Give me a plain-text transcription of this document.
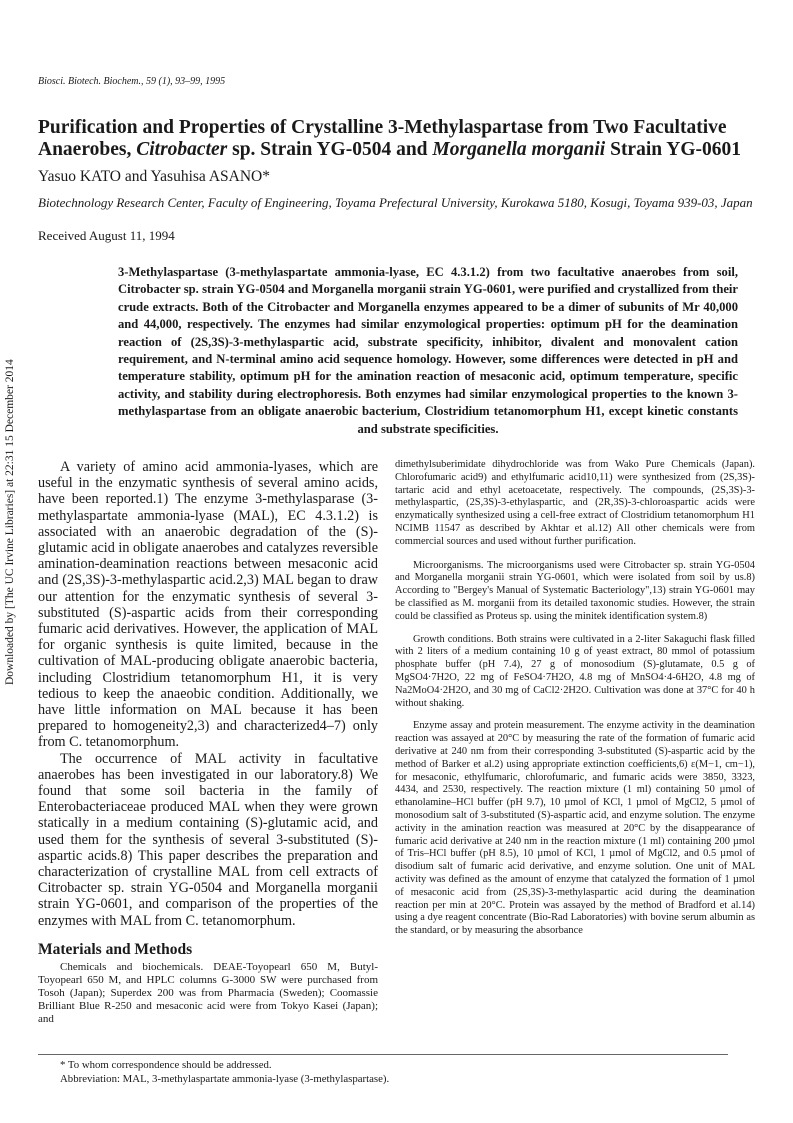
Biosci. Biotech. Biochem., 59 (1), 93–99, 1995
Purification and Properties of Crystalline 3-Methylaspartase from Two Facultative Anaerobes, Citrobacter sp. Strain YG-0504 and Morganella morganii Strain YG-0601
Yasuo KATO and Yasuhisa ASANO*
Biotechnology Research Center, Faculty of Engineering, Toyama Prefectural University, Kurokawa 5180, Kosugi, Toyama 939-03, Japan
Received August 11, 1994
3-Methylaspartase (3-methylaspartate ammonia-lyase, EC 4.3.1.2) from two facultative anaerobes from soil, Citrobacter sp. strain YG-0504 and Morganella morganii strain YG-0601, were purified and crystallized from their crude extracts. Both of the Citrobacter and Morganella enzymes appeared to be a dimer of subunits of Mr 40,000 and 44,000, respectively. The enzymes had similar enzymological properties: optimum pH for the deamination reaction of (2S,3S)-3-methylaspartic acid, substrate specificity, inhibitor, divalent and monovalent cation requirement, and N-terminal amino acid sequence homology. However, some differences were detected in pH and temperature stability, optimum pH for the amination reaction of mesaconic acid, optimum temperature, specific activity, and stability during electrophoresis. Both enzymes had similar enzymological properties to the known 3-methylaspartase from an obligate anaerobic bacterium, Clostridium tetanomorphum H1, except kinetic constants and substrate specificities.
Downloaded by [The UC Irvine Libraries] at 22:31 15 December 2014	A variety of amino acid ammonia-lyases, which are useful in the enzymatic synthesis of several amino acids, have been reported.1) The enzyme 3-methylasparase (3-methylaspartate ammonia-lyase (MAL), EC 4.3.1.2) is associated with an anaerobic degradation of the (S)-glutamic acid in obligate anaerobes and catalyzes reversible amination-deamination reactions between mesaconic acid and (2S,3S)-3-methylaspartic acid.2,3) MAL began to draw our attention for the enzymatic synthesis of several 3-substituted (S)-aspartic acids from their corresponding fumaric acid derivatives. However, the application of MAL for organic synthesis is quite limited, because in the cultivation of MAL-producing obligate anaerobic bacteria, including Clostridium tetanomorphum H1, it is very tedious to keep the anaeobic condition. Additionally, we have little information on MAL because it has been prepared to homogeneity2,3) and characterized4–7) only from C. tetanomorphum.

The occurrence of MAL activity in facultative anaerobes has been investigated in our laboratory.8) We found that some soil bacteria in the family of Enterobacteriaceae produced MAL when they were grown statically in a medium containing (S)-glutamic acid, and used them for the synthesis of several 3-substituted (S)-aspartic acids.8) This paper describes the preparation and characterization of crystalline MAL from cell extracts of Citrobacter sp. strain YG-0504 and Morganella morganii strain YG-0601, and comparison of the properties of the enzymes with MAL from C. tetanomorphum.

Materials and Methods

Chemicals and biochemicals. DEAE-Toyopearl 650 M, Butyl-Toyopearl 650 M, and HPLC columns G-3000 SW were purchased from Tosoh (Japan); Superdex 200 was from Pharmacia (Sweden); Coomassie Brilliant Blue R-250 and mesaconic acid were from Tokyo Kasei (Japan); and

dimethylsuberimidate dihydrochloride was from Wako Pure Chemicals (Japan). Chlorofumaric acid9) and ethylfumaric acid10,11) were synthesized from (2S,3S)-tartaric acid and ethyl acetoacetate, respectively. The compounds, (2S,3S)-3-methylaspartic, (2S,3S)-3-ethylaspartic, and (2R,3S)-3-chloroaspartic acids were enzymatically synthesized using a cell-free extract of Clostridium tetanomorphum H1 NCIMB 11547 as described by Akhtar et al.12) All other chemicals were from commercial sources and used without further purification.

Microorganisms. The microorganisms used were Citrobacter sp. strain YG-0504 and Morganella morganii strain YG-0601, which were isolated from soil by us.8) According to "Bergey's Manual of Systematic Bacteriology",13) strain YG-0601 may be classified as M. morganii from its detailed taxonomic studies. However, the strain could be classified as Proteus sp. using the minitek identification system.8)

Growth conditions. Both strains were cultivated in a 2-liter Sakaguchi flask filled with 2 liters of a medium containing 10 g of yeast extract, 80 mmol of potassium phosphate buffer (pH 7.4), 27 g of monosodium (S)-glutamate, 0.5 g of MgSO4·7H2O, 22 mg of FeSO4·7H2O, 4.8 mg of MnSO4·4-6H2O, 4.8 mg of Na2MoO4·2H2O, and 30 mg of CaCl2·2H2O. Cultivation was done at 37°C for 40 h without shaking.

Enzyme assay and protein measurement. The enzyme activity in the deamination reaction was assayed at 20°C by measuring the rate of the formation of fumaric acid derivative at 240 nm from their corresponding 3-substituted (S)-aspartic acid by the method of Barker et al.2) using appropriate extinction coefficients,6) ε(M−1, cm−1), for mesaconic, ethylfumaric, chlorofumaric, and fumaric acids were 3850, 3323, 4434, and 2530, respectively. The reaction mixture (1 ml) containing 50 µmol of ethanolamine–HCl buffer (pH 9.7), 10 µmol of KCl, 1 µmol of MgCl2, 5 µmol of monosodium salt of 3-substituted (S)-aspartic acid, and enzyme solution. The enzyme activity in the amination reaction was measured at 20°C by the disappearance of fumaric acid derivative at 240 nm in the reaction mixture (1 ml) containing 200 µmol of Tris–HCl buffer (pH 8.5), 10 µmol of KCl, 1 µmol of MgCl2, and 0.5 µmol of disodium salt of fumaric acid derivative, and enzyme solution. One unit of MAL activity was defined as the amount of enzyme that catalyzed the formation of 1 µmol of mesaconic acid from (2S,3S)-3-methylaspartic acid during the deamination reaction per min at 20°C. Protein was assayed by the method of Bradford et al.14) using a dye reagent concentrate (Bio-Rad Laboratories) with bovine serum albumin as the standard, or by measuring the absorbance

* To whom correspondence should be addressed.
Abbreviation: MAL, 3-methylaspartate ammonia-lyase (3-methylaspartase).
